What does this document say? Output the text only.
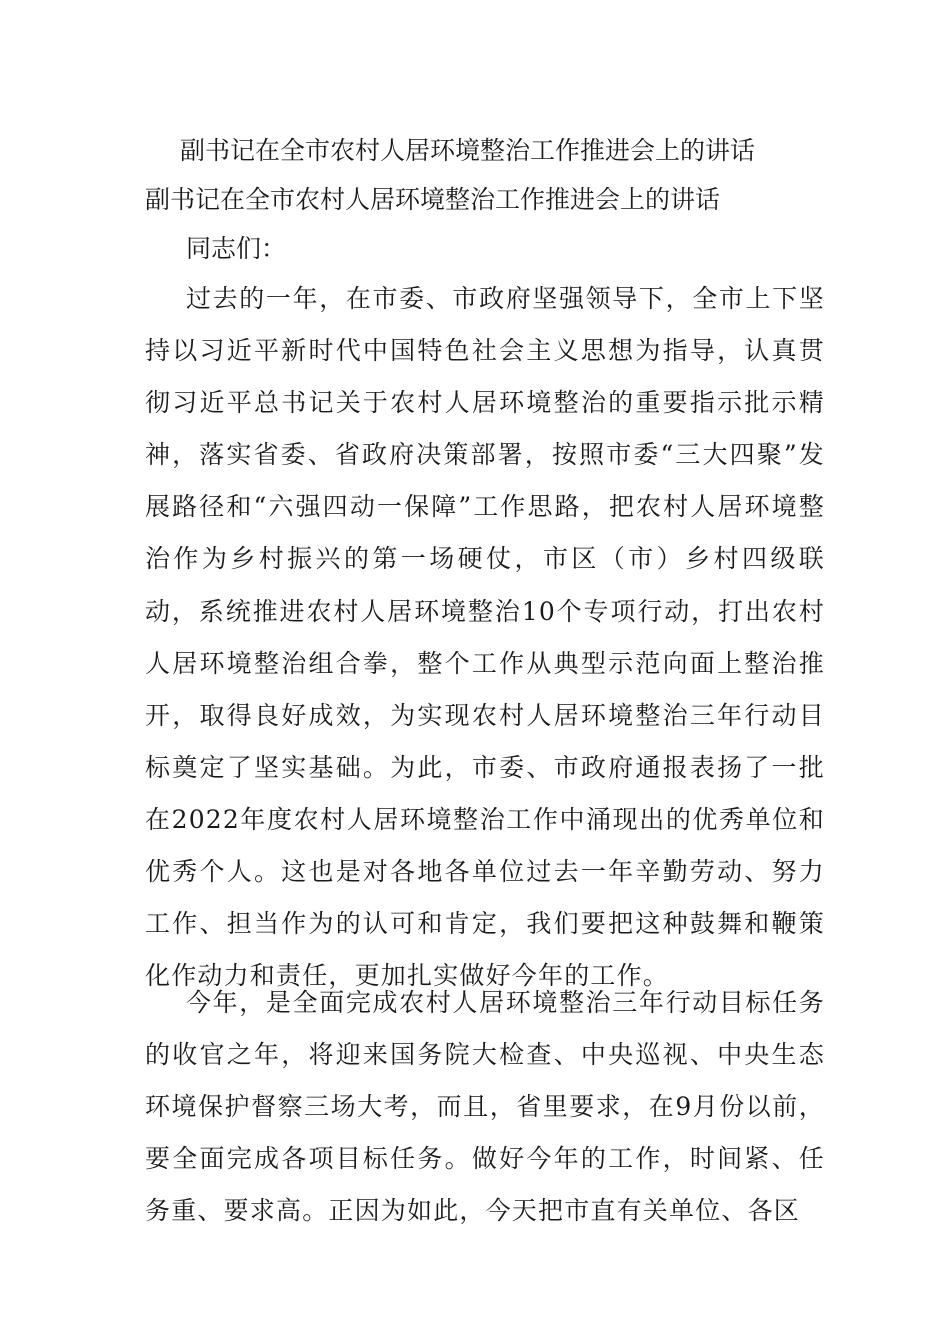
副书记在全市农村人居环境整治工作推进会上的讲话
副书记在全市农村人居环境整治工作推进会上的讲话

同志们：

过去的一年，在市委、市政府坚强领导下，全市上下坚持以习近平新时代中国特色社会主义思想为指导，认真贯彻习近平总书记关于农村人居环境整治的重要指示批示精神，落实省委、省政府决策部署，按照市委“三大四聚”发展路径和“六强四动一保障”工作思路，把农村人居环境整治作为乡村振兴的第一场硬仗，市区（市）乡村四级联动，系统推进农村人居环境整治10个专项行动，打出农村人居环境整治组合拳，整个工作从典型示范向面上整治推开，取得良好成效，为实现农村人居环境整治三年行动目标奠定了坚实基础。为此，市委、市政府通报表扬了一批在2022年度农村人居环境整治工作中涌现出的优秀单位和优秀个人。这也是对各地各单位过去一年辛勤劳动、努力工作、担当作为的认可和肯定，我们要把这种鼓舞和鞭策化作动力和责任，更加扎实做好今年的工作。

今年，是全面完成农村人居环境整治三年行动目标任务的收官之年，将迎来国务院大检查、中央巡视、中央生态环境保护督察三场大考，而且，省里要求，在9月份以前，要全面完成各项目标任务。做好今年的工作，时间紧、任务重、要求高。正因为如此，今天把市直有关单位、各区
